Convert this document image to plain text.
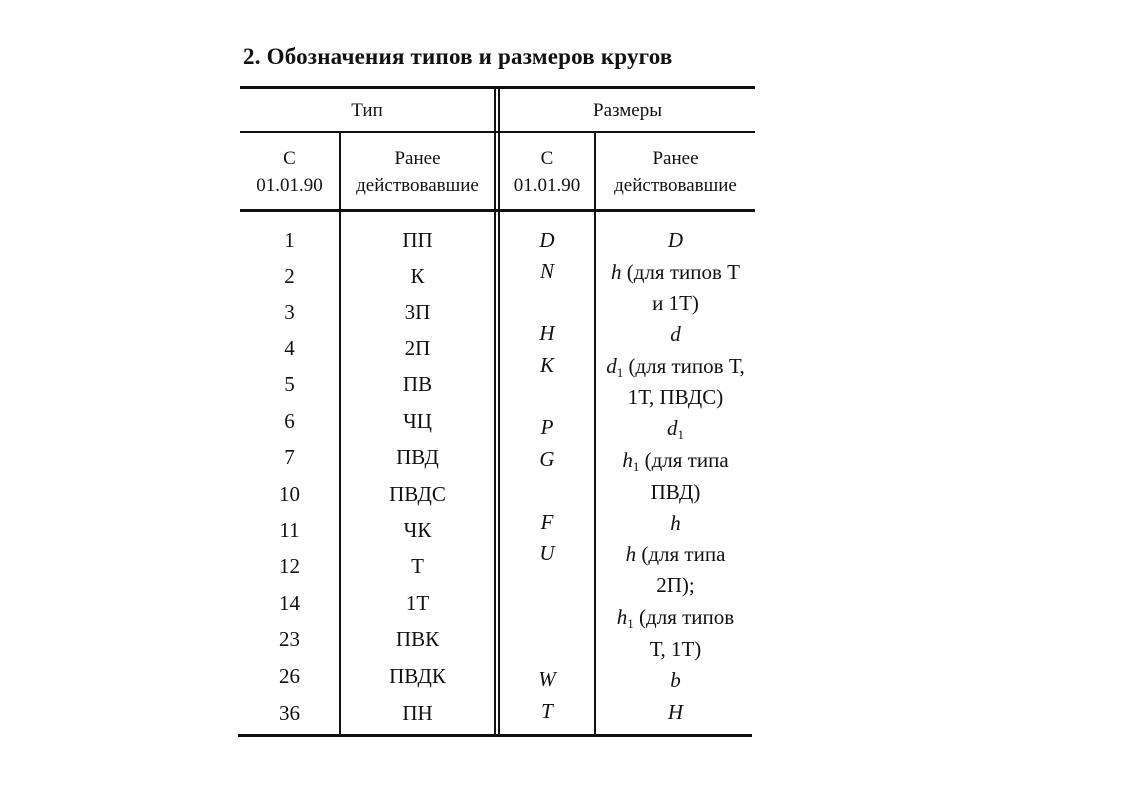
2. Обозначения типов и размеров кругов
Тип	Размеры
С
01.01.90
Ранее
действовавшие
С
01.01.90
Ранее
действовавшие
1
2
3
4
5
6
7
10
11
12
14
23
26
36
ПП
К
3П
2П
ПВ
ЧЦ
ПВД
ПВДС
ЧК
Т
1Т
ПВК
ПВДК
ПН
D
N
H
K
P
G
F
U
W
T
D
h (для типов Т
и 1Т)
d
$d_1$ (для типов Т,
1Т, ПВДС)
$d_1$
$h_1$ (для типа
ПВД)
h
h (для типа
2П);
$h_1$ (для типов
Т, 1Т)
b
H
